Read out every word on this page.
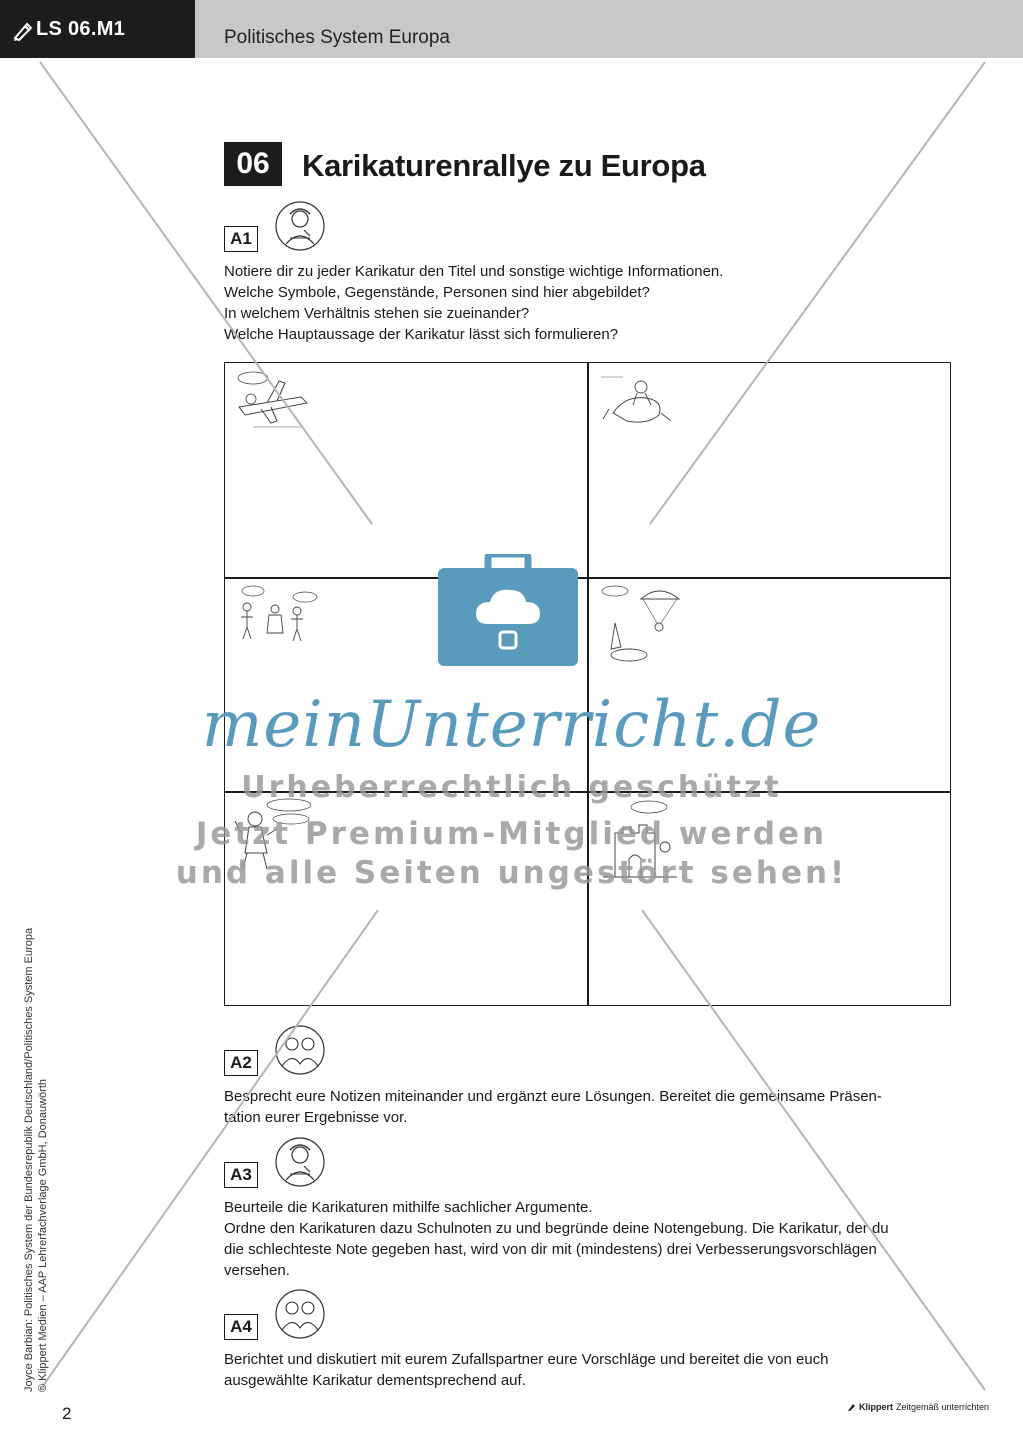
LS 06.M1	Politisches System Europa
06	Karikaturenrallye zu Europa
A1
Notiere dir zu jeder Karikatur den Titel und sonstige wichtige Informationen.
Welche Symbole, Gegenstände, Personen sind hier abgebildet?
In welchem Verhältnis stehen sie zueinander?
Welche Hauptaussage der Karikatur lässt sich formulieren?
A2
Besprecht eure Notizen miteinander und ergänzt eure Lösungen. Bereitet die gemeinsame Präsen-
tation eurer Ergebnisse vor.
A3
Beurteile die Karikaturen mithilfe sachlicher Argumente.
Ordne den Karikaturen dazu Schulnoten zu und begründe deine Notengebung. Die Karikatur, der du
die schlechteste Note gegeben hast, wird von dir mit (mindestens) drei Verbesserungsvorschlägen
versehen.
A4
Berichtet und diskutiert mit eurem Zufallspartner eure Vorschläge und bereitet die von euch
ausgewählte Karikatur dementsprechend auf.
meinUnterricht.de
Urheberrechtlich geschützt
Jetzt Premium-Mitglied werden
und alle Seiten ungestört sehen!
Joyce Barbian: Politisches System der Bundesrepublik Deutschland/Politisches System Europa © Klippert Medien – AAP Lehrerfachverlage GmbH, Donauwörth
2	Klippert Zeitgemäß unterrichten
